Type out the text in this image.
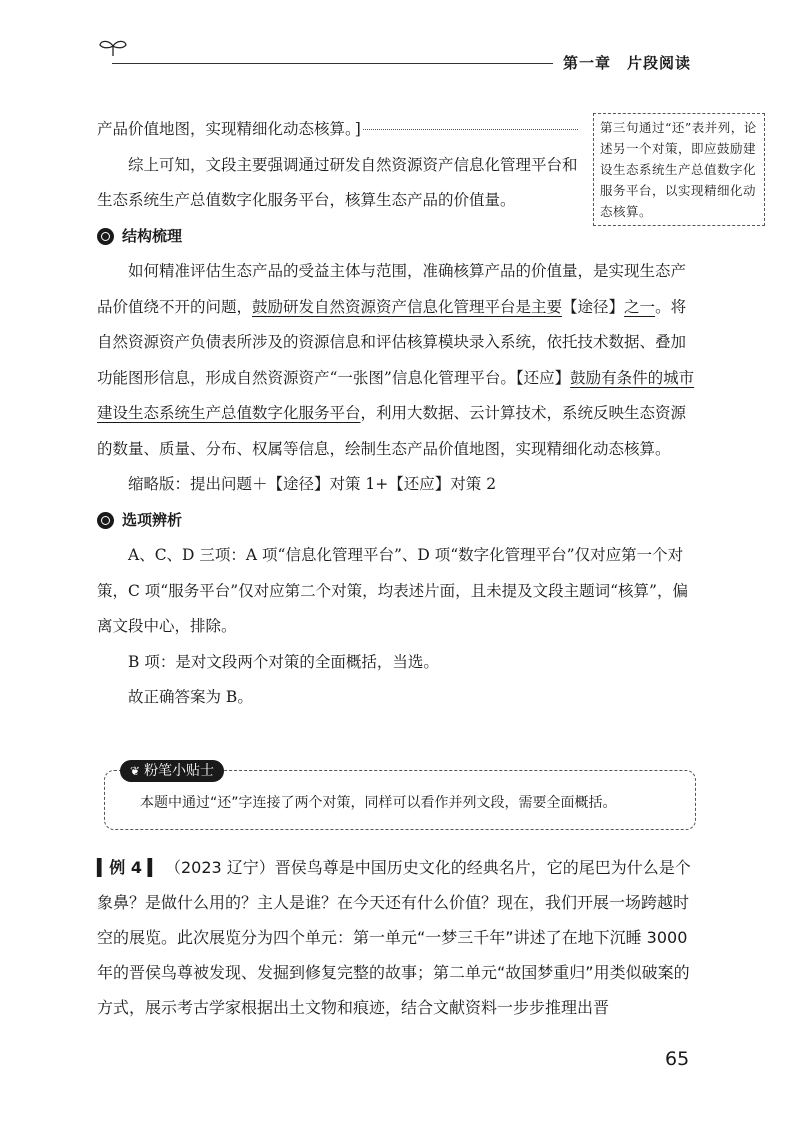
第一章　片段阅读
第三句通过“还”表并列，论述另一个对策，即应鼓励建设生态系统生产总值数字化服务平台，以实现精细化动态核算。

产品价值地图，实现精细化动态核算。 ]

综上可知，文段主要强调通过研发自然资源资产信息化管理平台和生态系统生产总值数字化服务平台，核算生态产品的价值量。

结构梳理

如何精准评估生态产品的受益主体与范围，准确核算产品的价值量，是实现生态产品价值绕不开的问题，鼓励研发自然资源资产信息化管理平台是主要【途径】之一。将自然资源资产负债表所涉及的资源信息和评估核算模块录入系统，依托技术数据、叠加功能图形信息，形成自然资源资产“一张图”信息化管理平台。【还应】鼓励有条件的城市建设生态系统生产总值数字化服务平台，利用大数据、云计算技术，系统反映生态资源的数量、质量、分布、权属等信息，绘制生态产品价值地图，实现精细化动态核算。

缩略版：提出问题＋【途径】对策 1+【还应】对策 2

选项辨析

A、C、D 三项：A 项“信息化管理平台”、D 项“数字化管理平台”仅对应第一个对策，C 项“服务平台”仅对应第二个对策，均表述片面，且未提及文段主题词“核算”，偏离文段中心，排除。

B 项：是对文段两个对策的全面概括，当选。

故正确答案为 B。

❦ 粉笔小贴士
本题中通过“还”字连接了两个对策，同样可以看作并列文段，需要全面概括。

▍例 4 ▍ （2023 辽宁）晋侯鸟尊是中国历史文化的经典名片，它的尾巴为什么是个象鼻？是做什么用的？主人是谁？在今天还有什么价值？现在，我们开展一场跨越时空的展览。此次展览分为四个单元：第一单元“一梦三千年”讲述了在地下沉睡 3000 年的晋侯鸟尊被发现、发掘到修复完整的故事；第二单元“故国梦重归”用类似破案的方式，展示考古学家根据出土文物和痕迹，结合文献资料一步步推理出晋

65
